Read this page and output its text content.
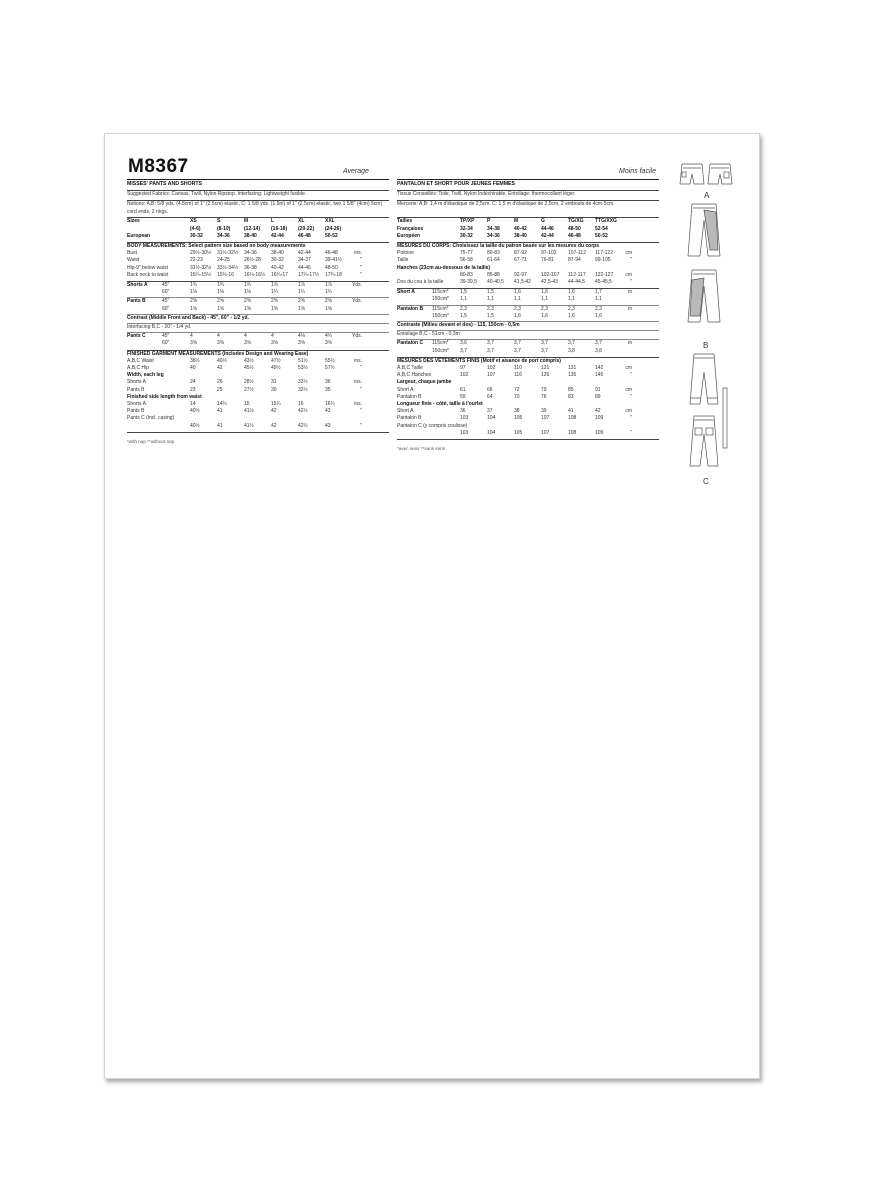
M8367	Average	Moins facile
MISSES' PANTS AND SHORTS
Suggested Fabrics: Canvas, Twill, Nylon Ripstop. Interfacing: Lightweight fusible.
Notions: A,B: 5/8 yds. (4.8cm) of 1" (2.5cm) elastic, C: 1 5/8 yds. (1.5m) of 1" (2.5cm) elastic, two 1 5/8" (4cm) 5cm) cord ends, 2 rings.
Sizes	XS	S	M	L	XL	XXL
(4-6)	(8-10)	(12-14)	(16-18)	(20-22)	(24-26)
European	30-32	34-36	38-40	42-44	46-48	50-52
BODY MEASUREMENTS: Select pattern size based on body measurements
Bust	29½-30½	31½-32½	34-36	38-40	42-44	46-48	ins.
Waist	22-23	24-25	26½-28	30-32	34-37	39-41½	"
Hip-9" below waist	31½-32½	33½-34½	36-38	40-42	44-46	48-50	"
Back neck to waist	15¼-15½	15¾-16	16¼-16½	16¾-17	17¼-17½	17¾-18	"
Shorts A	45"	1¾	1¾	1¾	1⅞	1⅞	1⅞	Yds.
60"	1⅛	1⅛	1⅛	1¼	1¼	1¼
Pants B	45"	2⅝	2⅝	2⅝	2⅝	2⅝	2⅝	Yds.
60"	1⅝	1⅝	1⅝	1⅝	1⅝	1⅝
Contrast (Middle Front and Back) - 45", 60" - 1/2 yd.
Interfacing B,C - 20" - 1/4 yd.
Pants C	45"	4	4	4	4	4⅛	4¼	Yds.
60"	3⅝	3⅝	3⅝	3⅝	3⅝	3⅝
FINISHED GARMENT MEASUREMENTS (Includes Design and Wearing Ease)
A,B,C Waist	38½	40½	43½	47½	51½	55½	ins.
A,B,C Hip	40	42	45½	49½	53½	57½	"
Width, each leg
Shorts A	24	26	28½	31	33½	36	ins.
Pants B	23	25	27½	30	32½	35	"
Finished side length from waist
Shorts A	14	14¼	15	15¼	16	16¼	ins.
Pants B	40½	41	41½	42	42½	43	"
Pants C (incl. casing)
40½	41	41½	42	42½	43	"
*with nap **without nap
PANTALON ET SHORT POUR JEUNES FEMMES
Tissus Conseillés: Toile, Twill, Nylon Indéchirable. Entoilage: thermocollant léger.
Mercerie: A,B: 1,4 m d'élastique de 2,5cm. C: 1,5 m d'élastique de 2,5cm, 2 embouts de 4cm-5cm.
Tailles	TP/XP	P	M	G	TG/XG	TTG/XXG
Françaises	32-34	34-38	40-42	44-46	48-50	52-54
Européen	30-32	34-36	38-40	42-44	46-48	50-52
MESURES DU CORPS: Choisissez la taille du patron basée sur les mesures du corps
Poitrine	75-77	80-83	87-92	97-102	107-112	117-122	cm
Taille	56-58	61-64	67-71	76-81	87-94	99-105	"
Hanches (23cm au-dessous de la taille)
80-83	85-88	92-97	102-107	112-117	122-127	cm
Dos du cou à la taille	39-39,5	40-40,5	41,5-42	42,5-43	44-44,5	45-45,5	"
Short A	115cm*	1,5	1,5	1,6	1,6	1,6	1,7	m
150cm*	1,1	1,1	1,1	1,1	1,1	1,1
Pantalon B	115cm*	2,3	2,3	2,3	2,3	2,3	2,3	m
150cm*	1,5	1,5	1,6	1,6	1,6	1,6
Contraste (Milieu devant et dos) - 115, 150cm - 0,5m
Entoilage B,C - 51cm - 0,3m
Pantalon C	115cm*	3,6	3,7	3,7	3,7	3,7	3,7	m
150cm*	3,7	3,7	3,7	3,7	3,8	3,8
MESURES DES VÊTEMENTS FINIS (Motif et aisance de port compris)
A,B,C Taille	97	102	110	121	131	142	cm
A,B,C Hanches	102	107	116	126	135	145	"
Largeur, chaque jambe
Short A	61	66	72	79	85	91	cm
Pantalon B	59	64	70	76	83	89	"
Longueur finie - côté, taille à l'ourlet
Short A	36	37	38	39	41	42	cm
Pantalon B	103	104	105	107	108	109	"
Pantalon C (y compris coulisse)
103	104	105	107	108	109	"
*avec sens **sans sens
A
B
C
